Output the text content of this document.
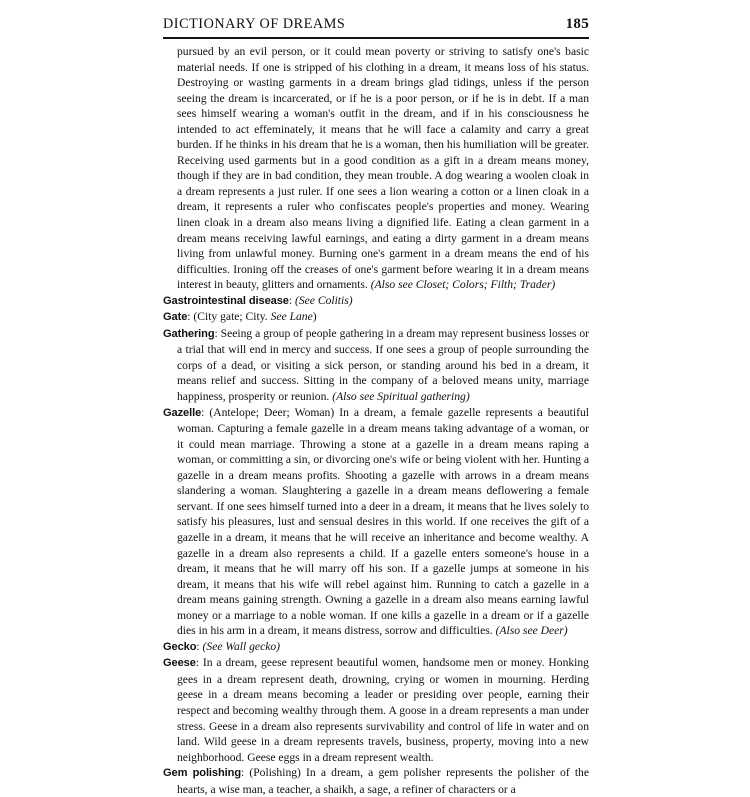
DICTIONARY OF DREAMS	185

pursued by an evil person, or it could mean poverty or striving to satisfy one's basic material needs. If one is stripped of his clothing in a dream, it means loss of his status. Destroying or wasting garments in a dream brings glad tidings, unless if the person seeing the dream is incarcerated, or if he is a poor person, or if he is in debt. If a man sees himself wearing a woman's outfit in the dream, and if in his consciousness he intended to act effeminately, it means that he will face a calamity and carry a great burden. If he thinks in his dream that he is a woman, then his humiliation will be greater. Receiving used garments but in a good condition as a gift in a dream means money, though if they are in bad condition, they mean trouble. A dog wearing a woolen cloak in a dream represents a just ruler. If one sees a lion wearing a cotton or a linen cloak in a dream, it represents a ruler who confiscates people's properties and money. Wearing linen cloak in a dream also means living a dignified life. Eating a clean garment in a dream means receiving lawful earnings, and eating a dirty garment in a dream means living from unlawful money. Burning one's garment in a dream means the end of his difficulties. Ironing off the creases of one's garment before wearing it in a dream means interest in beauty, glitters and ornaments. (Also see Closet; Colors; Filth; Trader)

Gastrointestinal disease: (See Colitis)

Gate: (City gate; City. See Lane)

Gathering: Seeing a group of people gathering in a dream may represent business losses or a trial that will end in mercy and success. If one sees a group of people surrounding the corps of a dead, or visiting a sick person, or standing around his bed in a dream, it means relief and success. Sitting in the company of a beloved means unity, marriage happiness, prosperity or reunion. (Also see Spiritual gathering)

Gazelle: (Antelope; Deer; Woman) In a dream, a female gazelle represents a beautiful woman. Capturing a female gazelle in a dream means taking advantage of a woman, or it could mean marriage. Throwing a stone at a gazelle in a dream means raping a woman, or committing a sin, or divorcing one's wife or being violent with her. Hunting a gazelle in a dream means profits. Shooting a gazelle with arrows in a dream means slandering a woman. Slaughtering a gazelle in a dream means deflowering a female servant. If one sees himself turned into a deer in a dream, it means that he lives solely to satisfy his pleasures, lust and sensual desires in this world. If one receives the gift of a gazelle in a dream, it means that he will receive an inheritance and become wealthy. A gazelle in a dream also represents a child. If a gazelle enters someone's house in a dream, it means that he will marry off his son. If a gazelle jumps at someone in his dream, it means that his wife will rebel against him. Running to catch a gazelle in a dream means gaining strength. Owning a gazelle in a dream also means earning lawful money or a marriage to a noble woman. If one kills a gazelle in a dream or if a gazelle dies in his arm in a dream, it means distress, sorrow and difficulties. (Also see Deer)

Gecko: (See Wall gecko)

Geese: In a dream, geese represent beautiful women, handsome men or money. Honking gees in a dream represent death, drowning, crying or women in mourning. Herding geese in a dream means becoming a leader or presiding over people, earning their respect and becoming wealthy through them. A goose in a dream represents a man under stress. Geese in a dream also represents survivability and control of life in water and on land. Wild geese in a dream represents travels, business, property, moving into a new neighborhood. Geese eggs in a dream represent wealth.

Gem polishing: (Polishing) In a dream, a gem polisher represents the polisher of the hearts, a wise man, a teacher, a shaikh, a sage, a refiner of characters or a
